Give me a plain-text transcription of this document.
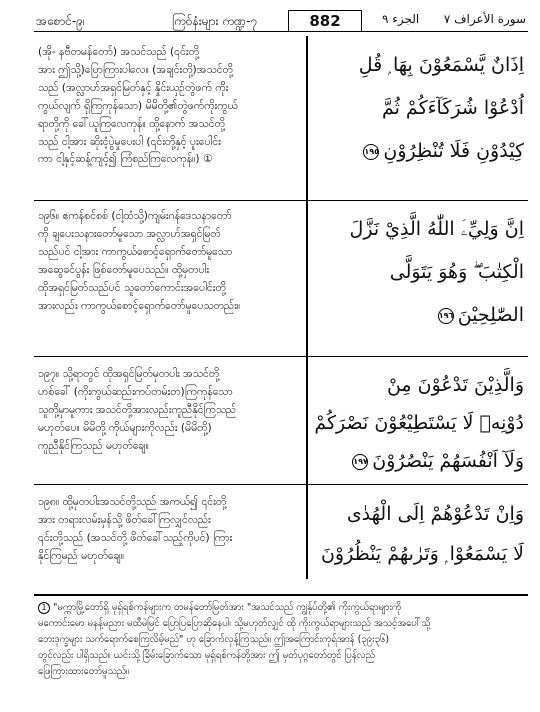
အစောင်-၉၊	ကြဝ်နံးများ ကဏ္ဍ-၇	882	الجزء ٩ سورة الأعراف ٧
(အို- နဗီတမန်တော်) အသင်သည် (၎င်းတို့
အား ဤသို့)ပြောကြားပါလေ။ (အချင်းတို့)အသင်တို့
သည် (အလ္လာဟ်အရှင်မြတ်နှင့် နှိုင်းယှဉ်တွဲဖက် ကိုး
ကွယ်လျက် ရှိကြကုန်သော) မိမိတို့၏တွဲဖက်ကိုးကွယ်
ရာတို့ကို ခေါ်ယူကြလေကုန်။ ထို့နောက် အသင်တို့
သည် ငါ့အား ဆိုးငံ့ပွဲမှုပေးပါ (၎င်းတို့နှင့် ပူးပေါင်း
ကာ ငါ့နှင့်ဆန့်ကျင့်၍ ကြံစည်ကြလေကုန်။) ①
اِذَانٌ يَّسْمَعُوْنَ بِهَا ۭ قُلِ
اُدْعُوْا شُرَكَآءَكُمْ ثُمَّ
كِيْدُوْنِ فَلَا تُنْظِرُوْنِ١٩٥
၁၉၆။ ဧကန်စင်စစ် (ငါ့ထံသို့)ကျမ်းဂန်ဒေသနာတော်
ကို ချပေးသနားတော်မူသော အလ္လာဟ်အရှင်မြတ်
သည်ပင် ငါ့အား ကာကွယ်စောင့်ရှောက်တော်မူသော
အဆွေခင်ပွန်း ဖြစ်တော်မူပေသည်။ ထို့မှတပါး
ထိုအရှင်မြတ်သည်ပင် သူတော်ကောင်းအပေါင်းတို့
အားလည်း ကာကွယ်စောင့်ရှောက်တော်မူပေသတည်း။
اِنَّ وَلِيِّۦَ اللّٰهُ الَّذِيْ نَزَّلَ
الْكِتٰبَ ۖ وَهُوَ يَتَوَلَّى
الصّٰلِحِيْنَ١٩٦
၁၉၇။ သို့ရာတွင် ထိုအရှင်မြတ်မှတပါး အသင်တို့
ဟစ်ခေါ် (ကိုးကွယ်ဆည်းကပ်တမ်းတ)ကြကုန်သော
သူတို့မှာမူကား အသင်တို့အားလည်းကူညီနိုင်ကြသည်
မဟုတ်ပေ။ မိမိတို့ ကိုယ်များကိုလည်း (မိမိတို့)
ကူညီနိုင်ကြသည် မဟုတ်ချေ။
وَالَّذِيْنَ تَدْعُوْنَ مِنْ
دُوْنِهٖ لَا يَسْتَطِيْعُوْنَ نَصْرَكُمْ
وَلَآ اَنْفُسَهُمْ يَنْصُرُوْنَ١٩٧
၁၉၈။ ထို့မှတပါးအသင်တို့သည် အကယ်၍ ၎င်းတို့
အား တရားလမ်းမှန်သို့ ဖိတ်ခေါ်ကြလျှင်လည်း
၎င်းတို့သည် (အသင်တို့ ဖိတ်ခေါ်သည့်ကိုပင်) ကြား
နိုင်ကြမည် မဟုတ်ချေ။
وَاِنْ تَدْعُوْهُمْ اِلَى الْهُدٰى
لَا يَسْمَعُوْا ۭ وَتَرٰىهُمْ يَنْظُرُوْنَ
1 "မက္ကာမြို့တော်ရှိ မုရှ်ရစ်ကန်များက တမန်တော်မြတ်အား "အသင်သည် ကျွန်ုပ်တို့၏ ကိုးကွယ်ရာများကို
မကောင်းမော မနန့်မညား မထီမဲမြင် ပြောပြပြောဆိုနေပါ၊ သို့မဟုတ်လျှင် ထို ကိုးကွယ်ရာများသည် အသင့်အပေါ်သို့
ဘေးဒုက္ခများ သက်ရောက်စေကြလိမ့်မည်" ဟု ခြောက်လှန့်ကြသည်။ ဤအကြောင်းကုရ်အာန် (၃၉း၃၆)
တွင်လည်း ပါရှိသည်။ ယင်းသို့ ခြိမ်းခြောက်သော မုရှ်ရစ်ကန်တို့အား ဤ မှတ်ပုဂ္ဂတော်တွင် ပြန်လည်
ဖြေကြားထားတော်မူသည်။
